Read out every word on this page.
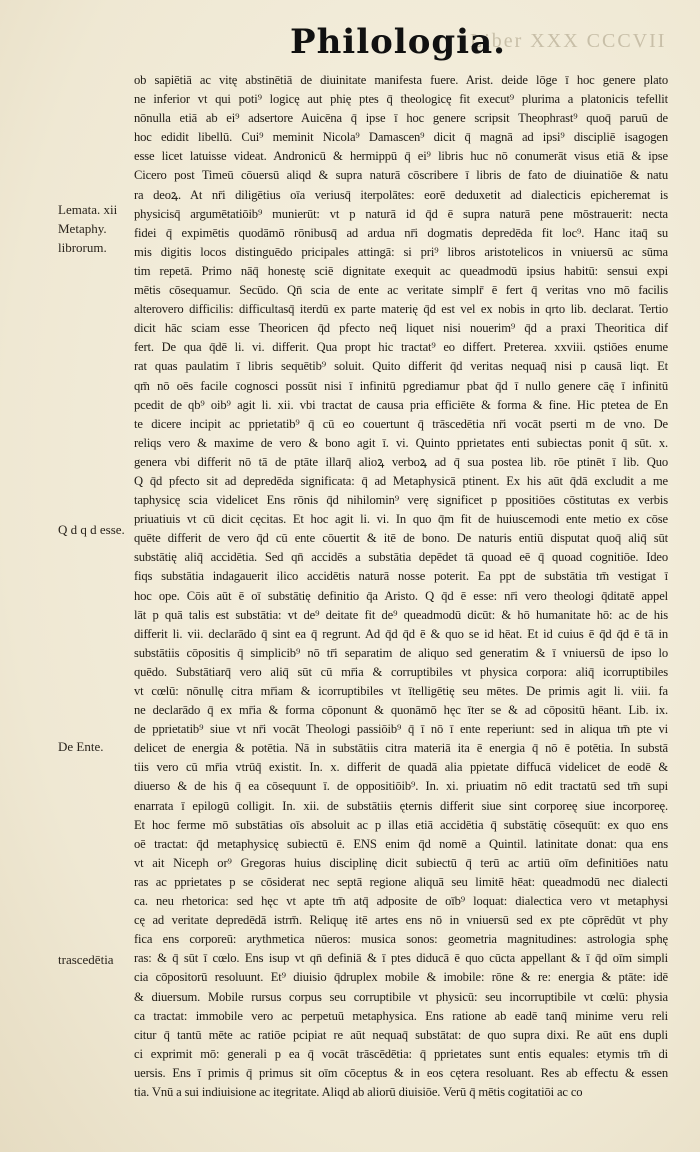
Liber XXX CCCVII
Philologia.
Lemata. xii
Metaphy.
librorum.
Q d q d esse.
De Ente.
trascedētia
ob sapiētiā ac vitę abstinētiā de diuinitate manifesta fuere. Arist. deide lōge ī hoc genere plato
ne inferior vt qui poti⁹ logicę aut phię ptes q̄ theologicę fit execut⁹ plurima a platonicis tefellit
nōnulla etiā ab ei⁹ adsertore Auicēna q̄ ipse ī hoc genere scripsit Theophrast⁹ quoq̄ paruū de
hoc edidit libellū. Cui⁹ meminit Nicola⁹ Damascen⁹ dicit q̄ magnā ad ipsi⁹ discipliē isagogen
esse licet latuisse videat. Andronicū & hermippū q̄ ei⁹ libris huc nō conumerāt visus etiā & ipse
Cicero post Timeū cōuersū aliqd & supra naturā cōscribere ī libris de fato de diuinatiōe & natu
ra deoꝝ. At nr̄i diligētius oīa veriusq̄ iterpolātes: eorē deduxetit ad dialecticis epicheremat is
physicisq̄ argumētatiōib⁹ munierūt: vt p naturā id q̄d ē supra naturā pene mōstrauerit: necta
fidei q̄ expimētis quodāmō rōnibusq̄ ad ardua nr̄i dogmatis depredēda fit loc⁹. Hanc itaq̄ su
mis digitis locos distinguēdo pricipales attingā: si pri⁹ libros aristotelicos in vniuersū ac sūma
tim repetā. Primo nāq̄ honestę sciē dignitate exequit ac queadmodū ipsius habitū: sensui expi
mētis cōsequamur. Secūdo. Qn̄ scia de ente ac veritate simplr̄ ē fert q̄ veritas vno mō facilis
alterovero difficilis: difficultasq̄ iterdū ex parte materię q̄d est vel ex nobis in qrto lib. declarat. Tertio
dicit hāc sciam esse Theoricen q̄d pfecto neq̄ liquet nisi nouerim⁹ q̄d a praxi Theoritica dif
fert. De qua q̄dē li. vi. differit. Qua propt hic tractat⁹ eo differt. Preterea. xxviii. qstiōes enume
rat quas paulatim ī libris sequētib⁹ soluit. Quito differit q̄d veritas nequaq̄ nisi p causā liqt. Et
qm̄ nō oēs facile cognosci possūt nisi ī infinitū pgrediamur pbat q̄d ī nullo genere cāę ī infinitū
pcedit de qb⁹ oib⁹ agit li. xii. vbi tractat de causa pria efficiēte & forma & fine. Hic ptetea de En
te dicere incipit ac pprietatib⁹ q̄ cū eo couertunt q̄ trāscedētia nr̄i vocāt pserti m de vno. De
reliqs vero & maxime de vero & bono agit ī. vi. Quinto pprietates enti subiectas ponit q̄ sūt. x.
genera vbi differit nō tā de ptāte illarq̄ alioꝝ verboꝝ ad q̄ sua postea lib. rōe ptinēt ī lib. Quo
Q q̄d pfecto sit ad depredēda significata: q̄ ad Metaphysicā ptinent. Ex his aūt q̄dā excludit a me
taphysicę scia videlicet Ens rōnis q̄d nihilomin⁹ verę significet p ppositiōes cōstitutas ex verbis
priuatiuis vt cū dicit cęcitas. Et hoc agit li. vi. In quo q̄m fit de huiuscemodi ente metio ex cōse
quēte differit de vero q̄d cū ente cōuertit & itē de bono. De naturis entiū disputat quoq̄ aliq̄ sūt
substātię aliq̄ accidētia. Sed qn̄ accidēs a substātia depēdet tā quoad eē q̄ quoad cognitiōe. Ideo
fiqs substātia indagauerit ilico accidētis naturā nosse poterit. Ea ppt de substātia tm̄ vestigat ī
hoc ope. Cōis aūt ē oī substātię definitio q̄a Aristo. Q q̄d ē esse: nr̄i vero theologi q̄ditatē appel
lāt p quā talis est substātia: vt de⁹ deitate fit de⁹ queadmodū dicūt: & hō humanitate hō: ac de his
differit li. vii. declarādo q̄ sint ea q̄ regrunt. Ad q̄d q̄d ē & quo se id hēat. Et id cuius ē q̄d q̄d ē tā in
substātiis cōpositis q̄ simplicib⁹ nō tr̄i separatim de aliquo sed generatim & ī vniuersū de ipso lo
quēdo. Substātiarq̄ vero aliq̄ sūt cū mr̄ia & corruptibiles vt physica corpora: aliq̄ icorruptibiles
vt cœlū: nōnullę citra mr̄iam & icorruptibiles vt ītelligētię seu mētes. De primis agit li. viii. fa
ne declarādo q̄ ex mr̄ia & forma cōponunt & quonāmō hęc īter se & ad cōpositū hēant. Lib. ix.
de pprietatib⁹ siue vt nr̄i vocāt Theologi passiōib⁹ q̄ ī nō ī ente reperiunt: sed in aliqua tm̄ pte vi
delicet de energia & potētia. Nā in substātiis citra materiā ita ē energia q̄ nō ē potētia. In substā
tiis vero cū mr̄ia vtrūq̄ existit. In. x. differit de quadā alia ppietate diffucā videlicet de eodē &
diuerso & de his q̄ ea cōsequunt ī. de oppositiōib⁹. In. xi. priuatim nō edit tractatū sed tm̄ supi
enarrata ī epilogū colligit. In. xii. de substātiis ęternis differit siue sint corporeę siue incorporeę.
Et hoc ferme mō substātias oīs absoluit ac p illas etiā accidētia q̄ substātię cōsequūt: ex quo ens
oē tractat: q̄d metaphysicę subiectū ē. ENS enim q̄d nomē a Quintil. latinitate donat: qua ens
vt ait Niceph or⁹ Gregoras huius disciplinę dicit subiectū q̄ terū ac artiū oīm definitiōes natu
ras ac pprietates p se cōsiderat nec septā regione aliquā seu limitē hēat: queadmodū nec dialecti
ca. neu rhetorica: sed hęc vt apte tm̄ atq̄ adposite de oīb⁹ loquat: dialectica vero vt metaphysi
cę ad veritate depredēdā istrm̄. Reliquę itē artes ens nō in vniuersū sed ex pte cōprēdūt vt phy
fica ens corporeū: arythmetica nūeros: musica sonos: geometria magnitudines: astrologia sphę
ras: & q̄ sūt ī cœlo. Ens isup vt qn̄ definiā & ī ptes diducā ē quo cūcta appellant & ī q̄d oīm simpli
cia cōpositorū resoluunt. Et⁹ diuisio q̄druplex mobile & imobile: rōne & re: energia & ptāte: idē
& diuersum. Mobile rursus corpus seu corruptibile vt physicū: seu incorruptibile vt cœlū: physia
ca tractat: immobile vero ac perpetuū metaphysica. Ens ratione ab eadē tanq̄ minime veru reli
citur q̄ tantū mēte ac ratiōe pcipiat re aūt nequaq̄ substātat: de quo supra dixi. Re aūt ens dupli
ci exprimit mō: generali p ea q̄ vocāt trāscēdētia: q̄ pprietates sunt entis equales: etymis tm̄ di
uersis. Ens ī primis q̄ primus sit oīm cōceptus & in eos cętera resoluant. Res ab effectu & essen
tia. Vnū a sui indiuisione ac itegritate. Aliqd ab aliorū diuisiōe. Verū q̄ mētis cogitatiōi ac co
